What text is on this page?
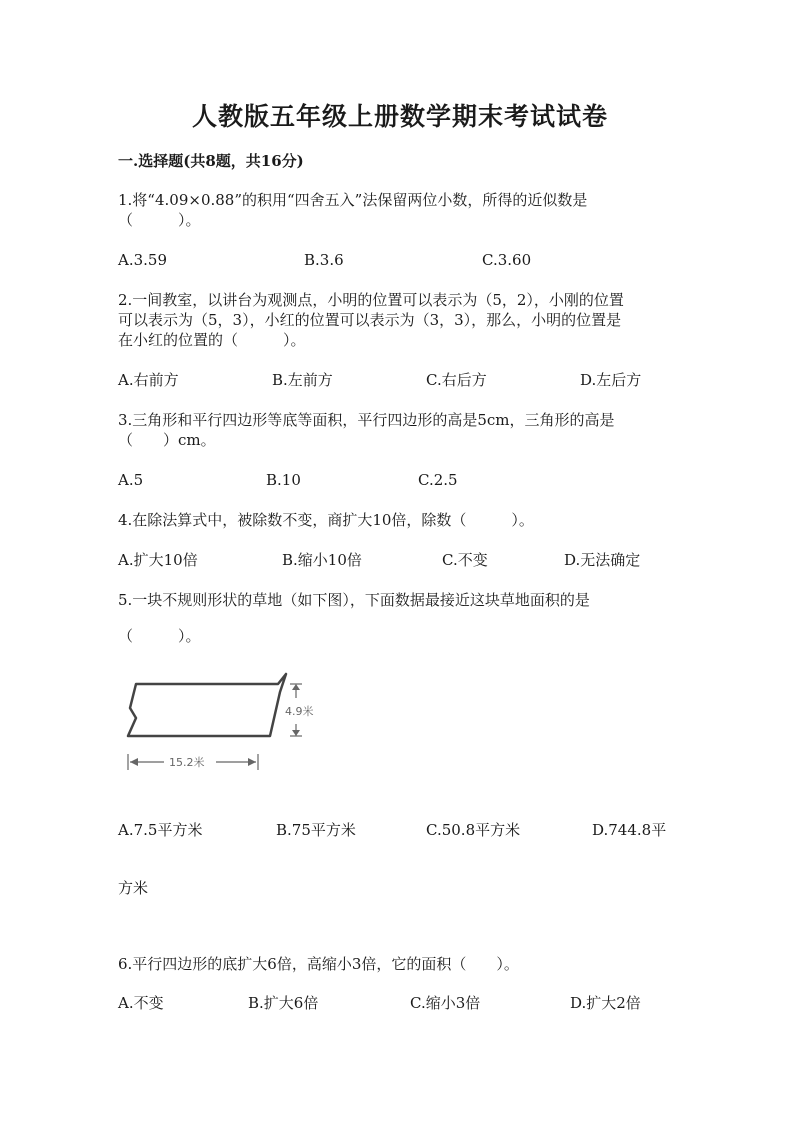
人教版五年级上册数学期末考试试卷
一.选择题(共8题，共16分)
1.将“4.09×0.88”的积用“四舍五入”法保留两位小数，所得的近似数是
（　　　）。
A.3.59	B.3.6	C.3.60
2.一间教室，以讲台为观测点，小明的位置可以表示为（5，2），小刚的位置
可以表示为（5，3），小红的位置可以表示为（3，3），那么，小明的位置是
在小红的位置的（　　　）。
A.右前方	B.左前方	C.右后方	D.左后方
3.三角形和平行四边形等底等面积，平行四边形的高是5cm，三角形的高是
（　　）cm。
A.5	B.10	C.2.5
4.在除法算式中，被除数不变，商扩大10倍，除数（　　　）。
A.扩大10倍	B.缩小10倍	C.不变	D.无法确定
5.一块不规则形状的草地（如下图），下面数据最接近这块草地面积的是
（　　　）。
4.9米
15.2米
A.7.5平方米	B.75平方米	C.50.8平方米	D.744.8平
方米
6.平行四边形的底扩大6倍，高缩小3倍，它的面积（　　）。
A.不变	B.扩大6倍	C.缩小3倍	D.扩大2倍
